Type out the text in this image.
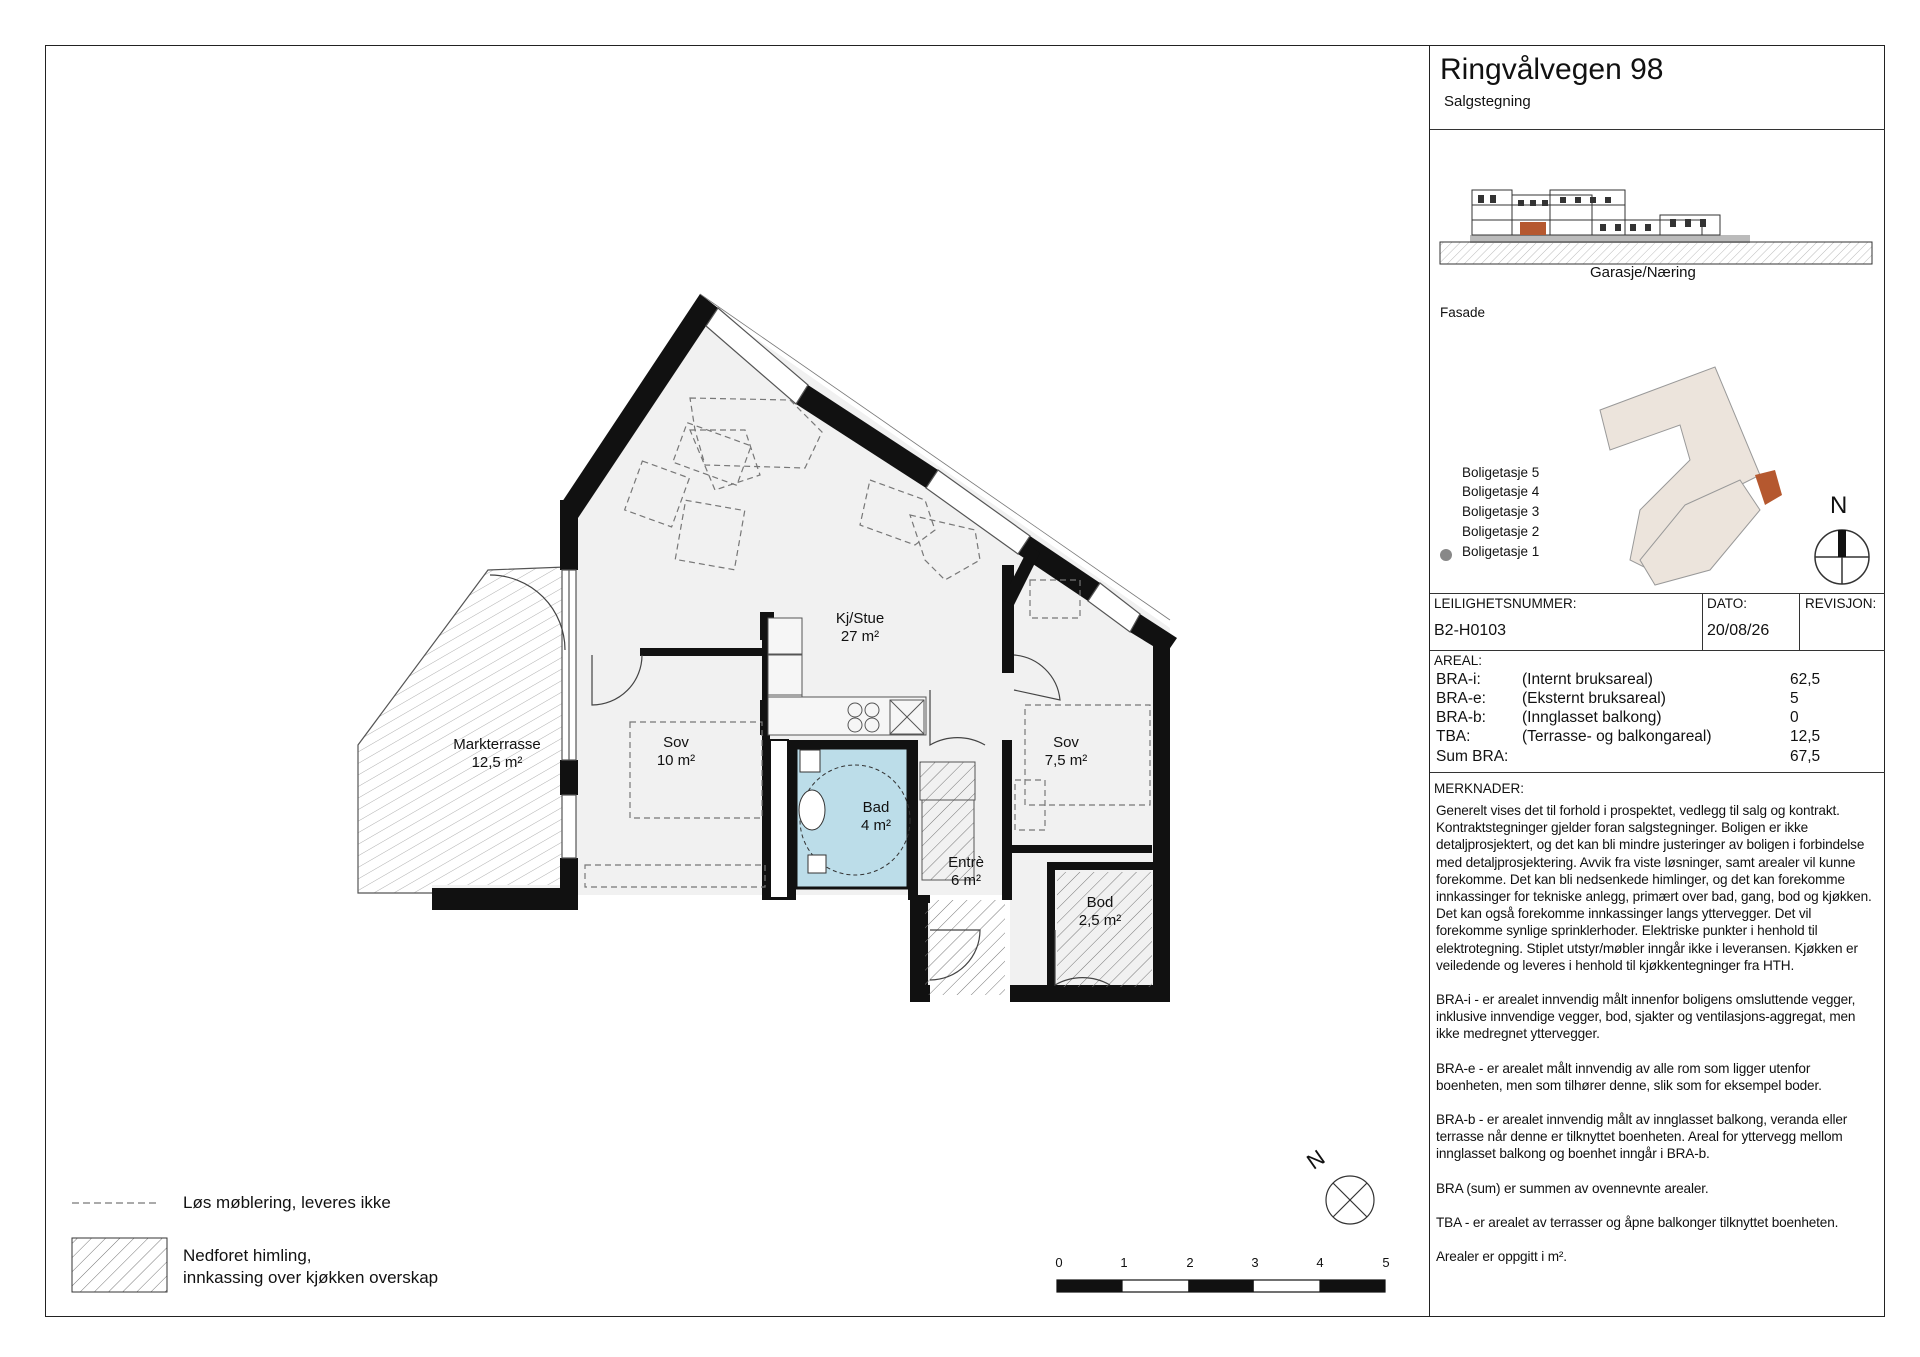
Kj/Stue
27 m²
Sov
10 m²
Sov
7,5 m²
Bad
4 m²
Entrè
6 m²
Bod
2,5 m²
Markterrasse
12,5 m²
N
Løs møblering, leveres ikke
Nedforet himling,
innkassing over kjøkken overskap
0	1	2	3	4	5
Ringvålvegen 98
Salgstegning
Garasje/Næring
Fasade
N
Boligetasje 5
Boligetasje 4
Boligetasje 3
Boligetasje 2
Boligetasje 1
LEILIGHETSNUMMER:	DATO:	REVISJON:
B2-H0103	20/08/26
AREAL:
BRA-i:	(Internt bruksareal)	62,5
BRA-e: (Eksternt bruksareal)	5
BRA-b: (Innglasset balkong)	0
TBA:	(Terrasse- og balkongareal)	12,5
Sum BRA:	67,5
MERKNADER:

Generelt vises det til forhold i prospektet, vedlegg til salg og kontrakt. Kontraktstegninger gjelder foran salgstegninger. Boligen er ikke detaljprosjektert, og det kan bli mindre justeringer av boligen i forbindelse med detaljprosjektering. Avvik fra viste løsninger, samt arealer vil kunne forekomme. Det kan bli nedsenkede himlinger, og det kan forekomme innkassinger for tekniske anlegg, primært over bad, gang, bod og kjøkken. Det kan også forekomme innkassinger langs yttervegger. Det vil forekomme synlige sprinklerhoder. Elektriske punkter i henhold til elektrotegning. Stiplet utstyr/møbler inngår ikke i leveransen. Kjøkken er veiledende og leveres i henhold til kjøkkentegninger fra HTH.

BRA-i - er arealet innvendig målt innenfor boligens omsluttende vegger, inklusive innvendige vegger, bod, sjakter og ventilasjons-aggregat, men ikke medregnet yttervegger.

BRA-e - er arealet målt innvendig av alle rom som ligger utenfor boenheten, men som tilhører denne, slik som for eksempel boder.

BRA-b - er arealet innvendig målt av innglasset balkong, veranda eller terrasse når denne er tilknyttet boenheten. Areal for yttervegg mellom innglasset balkong og boenhet inngår i BRA-b.

BRA (sum) er summen av ovennevnte arealer.

TBA - er arealet av terrasser og åpne balkonger tilknyttet boenheten.

Arealer er oppgitt i m².
